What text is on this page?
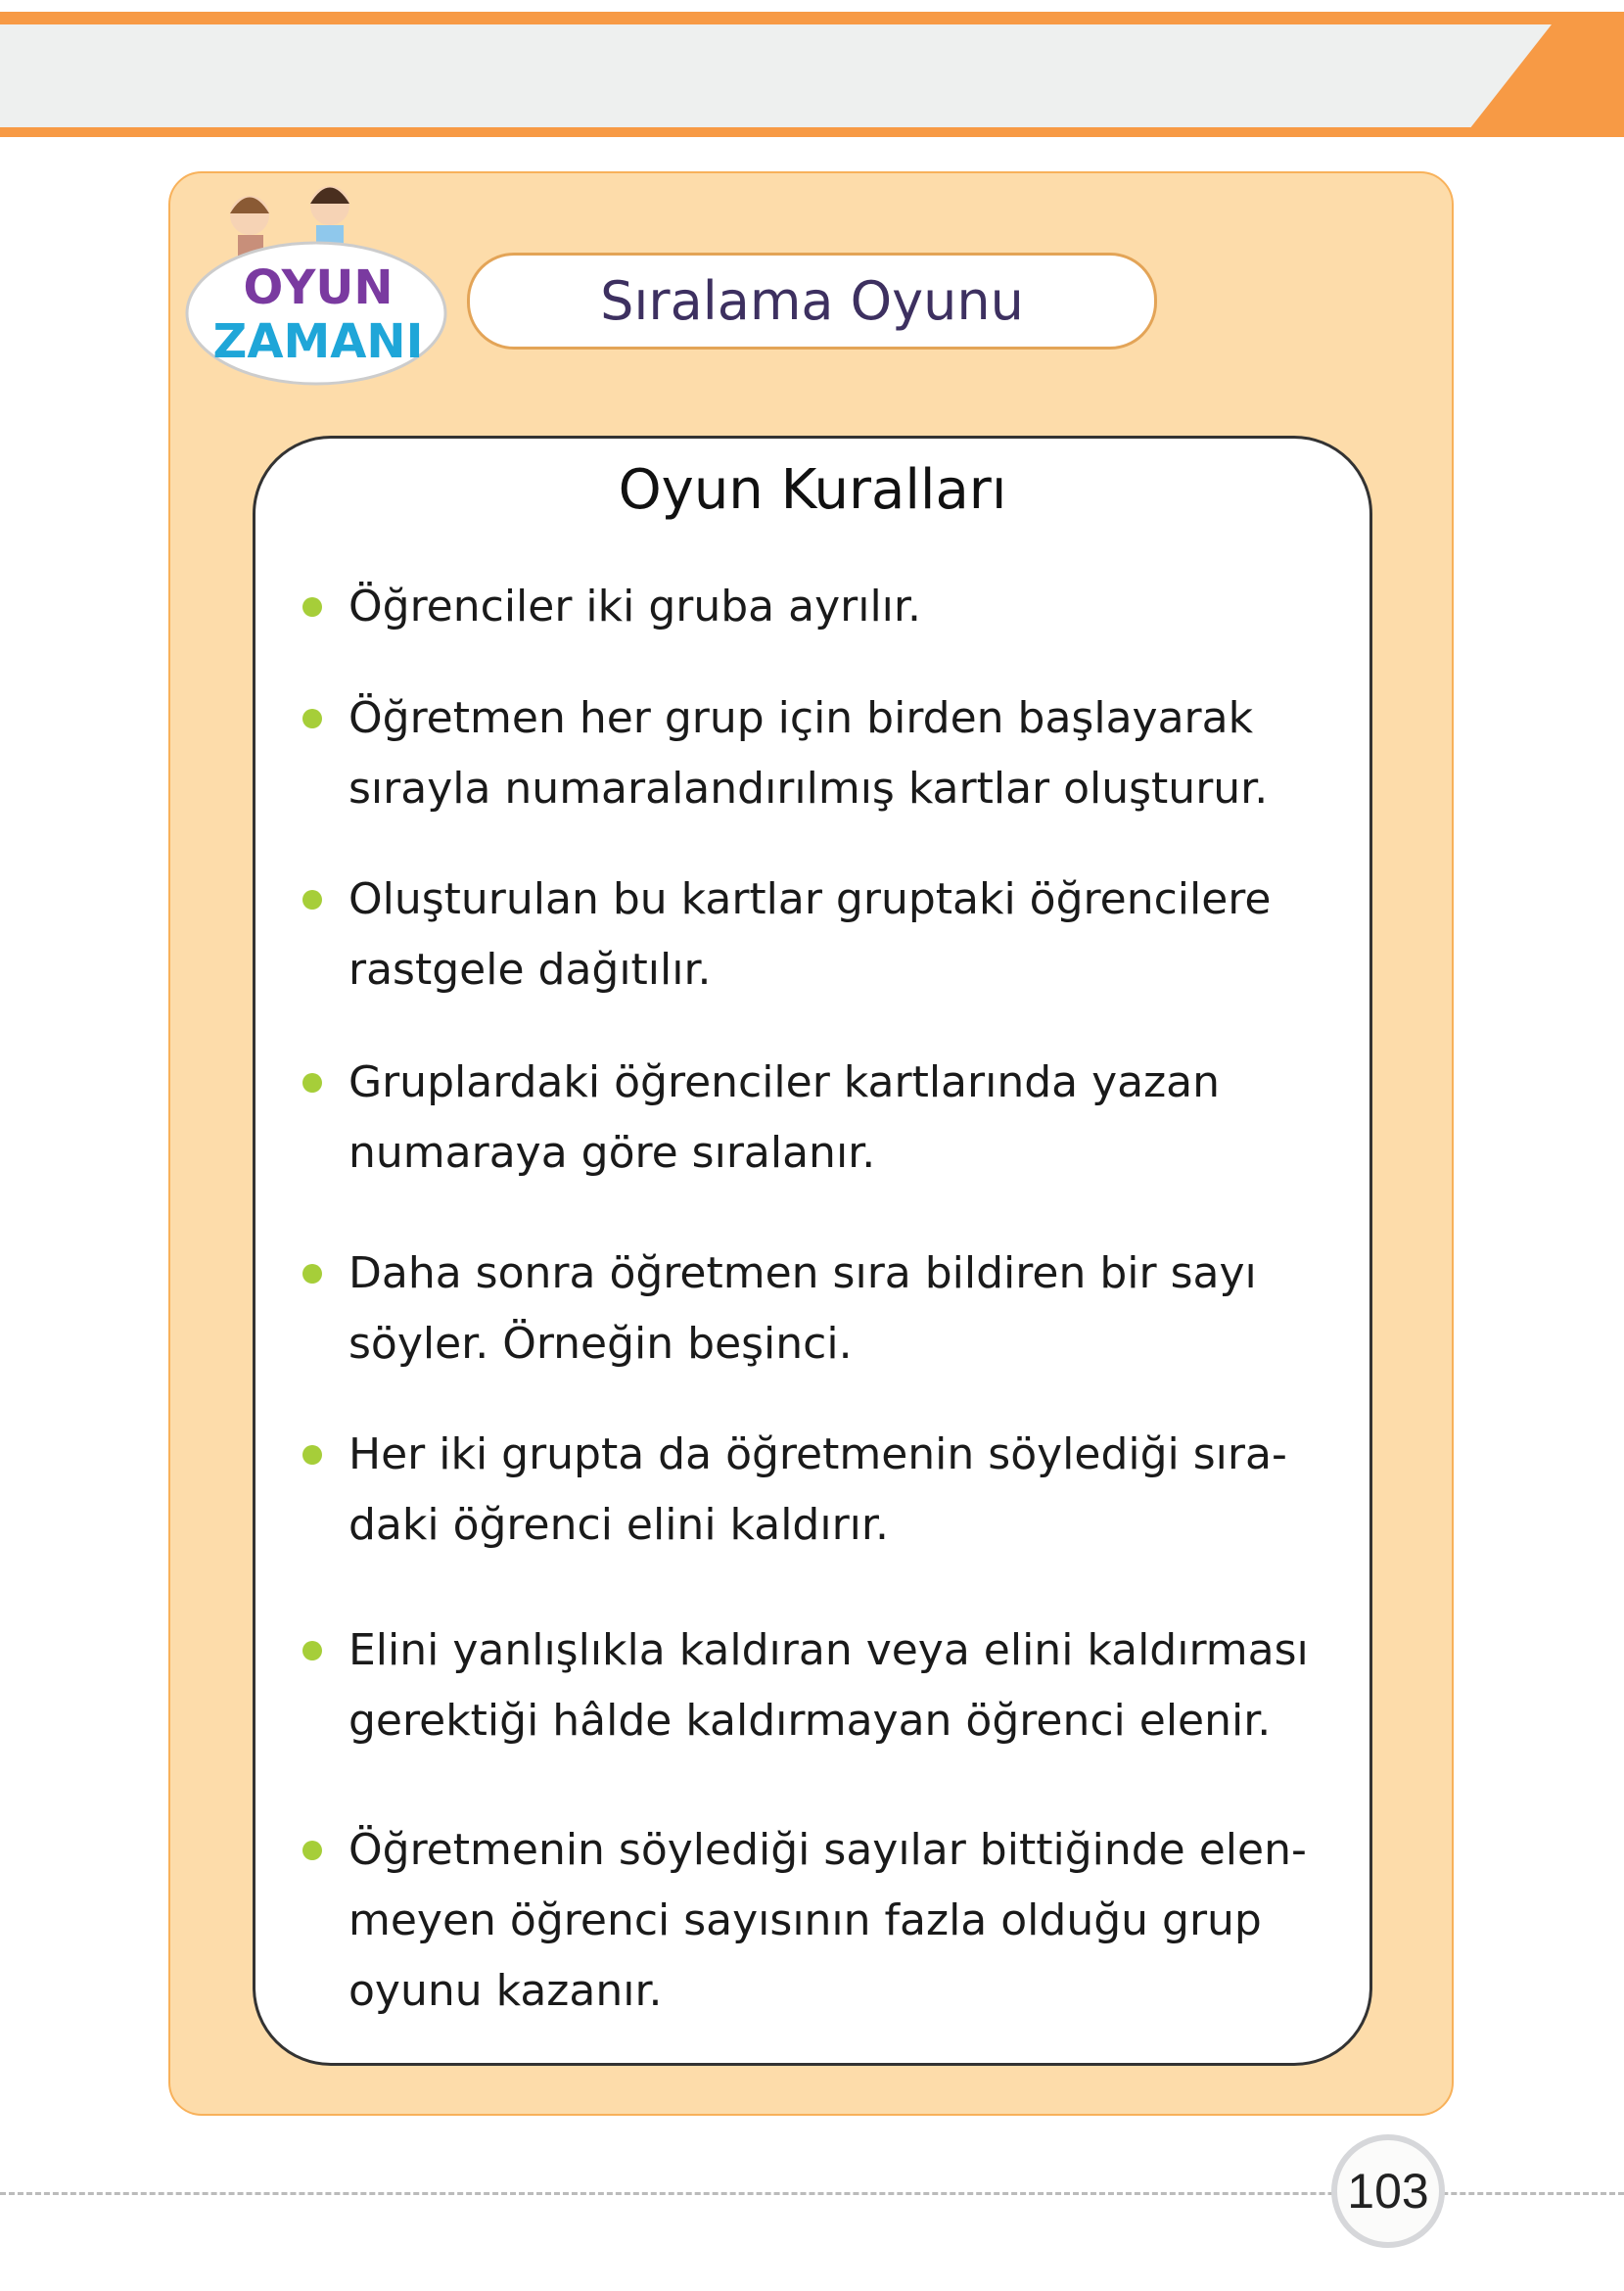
OYUN
ZAMANI
Sıralama Oyunu
Oyun Kuralları
Öğrenciler iki gruba ayrılır.
Öğretmen her grup için birden başlayarak
sırayla numaralandırılmış kartlar oluşturur.
Oluşturulan bu kartlar gruptaki öğrencilere
rastgele dağıtılır.
Gruplardaki öğrenciler kartlarında yazan
numaraya göre sıralanır.
Daha sonra öğretmen sıra bildiren bir sayı
söyler. Örneğin beşinci.
Her iki grupta da öğretmenin söylediği sıra-
daki öğrenci elini kaldırır.
Elini yanlışlıkla kaldıran veya elini kaldırması
gerektiği hâlde kaldırmayan öğrenci elenir.
Öğretmenin söylediği sayılar bittiğinde elen-
meyen öğrenci sayısının fazla olduğu grup
oyunu kazanır.
103
